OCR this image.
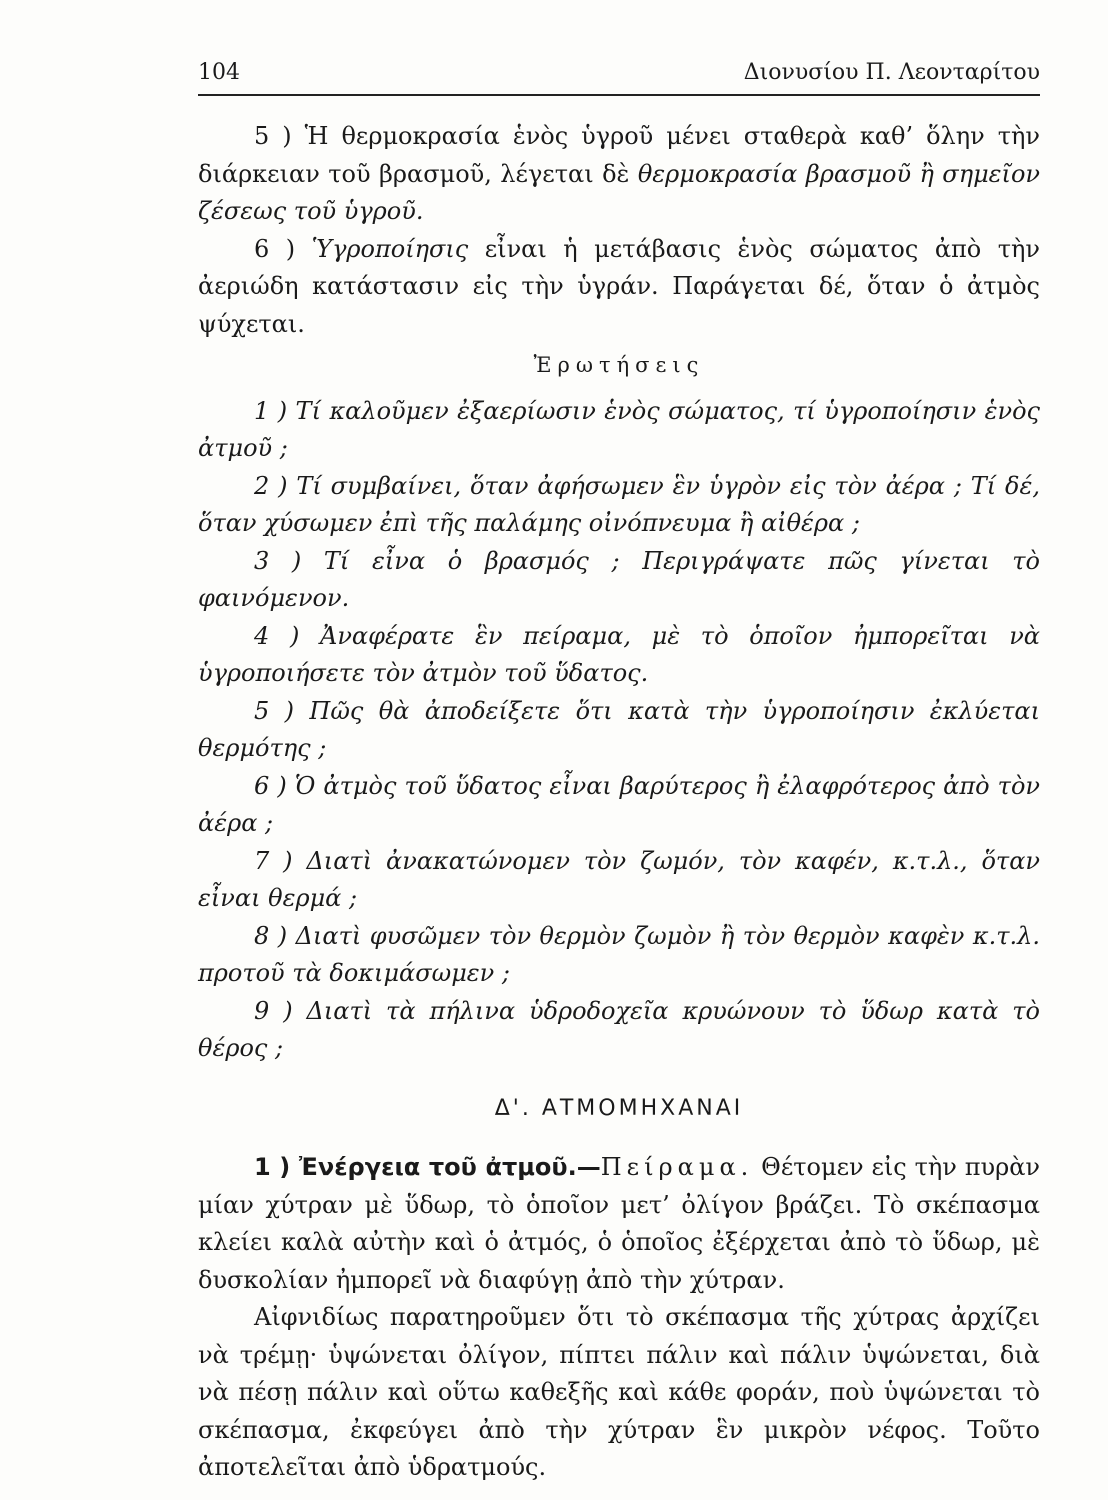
104	Διονυσίου Π. Λεονταρίτου

5 ) Ἡ θερμοκρασία ἑνὸς ὑγροῦ μένει σταθερὰ καθ’ ὅλην τὴν διάρκειαν τοῦ βρασμοῦ, λέγεται δὲ θερμοκρασία βρασμοῦ ἢ σημεῖον ζέσεως τοῦ ὑγροῦ.

6 ) Ὑγροποίησις εἶναι ἡ μετάβασις ἑνὸς σώματος ἀπὸ τὴν ἀεριώδη κατάστασιν εἰς τὴν ὑγράν. Παράγεται δέ, ὅταν ὁ ἀτμὸς ψύχεται.

Ἐρωτήσεις

1 ) Τί καλοῦμεν ἐξαερίωσιν ἑνὸς σώματος, τί ὑγροποίησιν ἑνὸς ἀτμοῦ ;

2 ) Τί συμβαίνει, ὅταν ἀφήσωμεν ἓν ὑγρὸν εἰς τὸν ἀέρα ; Τί δέ, ὅταν χύσωμεν ἐπὶ τῆς παλάμης οἰνόπνευμα ἢ αἰθέρα ;

3 ) Τί εἶνα ὁ βρασμός ; Περιγράψατε πῶς γίνεται τὸ φαινόμενον.

4 ) Ἀναφέρατε ἓν πείραμα, μὲ τὸ ὁποῖον ἠμπορεῖται νὰ ὑγροποιήσετε τὸν ἀτμὸν τοῦ ὕδατος.

5 ) Πῶς θὰ ἀποδείξετε ὅτι κατὰ τὴν ὑγροποίησιν ἐκλύεται θερμότης ;

6 ) Ὁ ἀτμὸς τοῦ ὕδατος εἶναι βαρύτερος ἢ ἐλαφρότερος ἀπὸ τὸν ἀέρα ;

7 ) Διατὶ ἀνακατώνομεν τὸν ζωμόν, τὸν καφέν, κ.τ.λ., ὅταν εἶναι θερμά ;

8 ) Διατὶ φυσῶμεν τὸν θερμὸν ζωμὸν ἢ τὸν θερμὸν καφὲν κ.τ.λ. προτοῦ τὰ δοκιμάσωμεν ;

9 ) Διατὶ τὰ πήλινα ὑδροδοχεῖα κρυώνουν τὸ ὕδωρ κατὰ τὸ θέρος ;

Δ'. ΑΤΜΟΜΗΧΑΝΑΙ

1 ) Ἐνέργεια τοῦ ἀτμοῦ.—Πείραμα. Θέτομεν εἰς τὴν πυρὰν μίαν χύτραν μὲ ὕδωρ, τὸ ὁποῖον μετ’ ὀλίγον βράζει. Τὸ σκέπασμα κλείει καλὰ αὐτὴν καὶ ὁ ἀτμός, ὁ ὁποῖος ἐξέρχεται ἀπὸ τὸ ὕδωρ, μὲ δυσκολίαν ἠμπορεῖ νὰ διαφύγῃ ἀπὸ τὴν χύτραν.

Αἰφνιδίως παρατηροῦμεν ὅτι τὸ σκέπασμα τῆς χύτρας ἀρχίζει νὰ τρέμῃ· ὑψώνεται ὀλίγον, πίπτει πάλιν καὶ πάλιν ὑψώνεται, διὰ νὰ πέσῃ πάλιν καὶ οὕτω καθεξῆς καὶ κάθε φοράν, ποὺ ὑψώνεται τὸ σκέπασμα, ἐκφεύγει ἀπὸ τὴν χύτραν ἓν μικρὸν νέφος. Τοῦτο ἀποτελεῖται ἀπὸ ὑδρατμούς.
